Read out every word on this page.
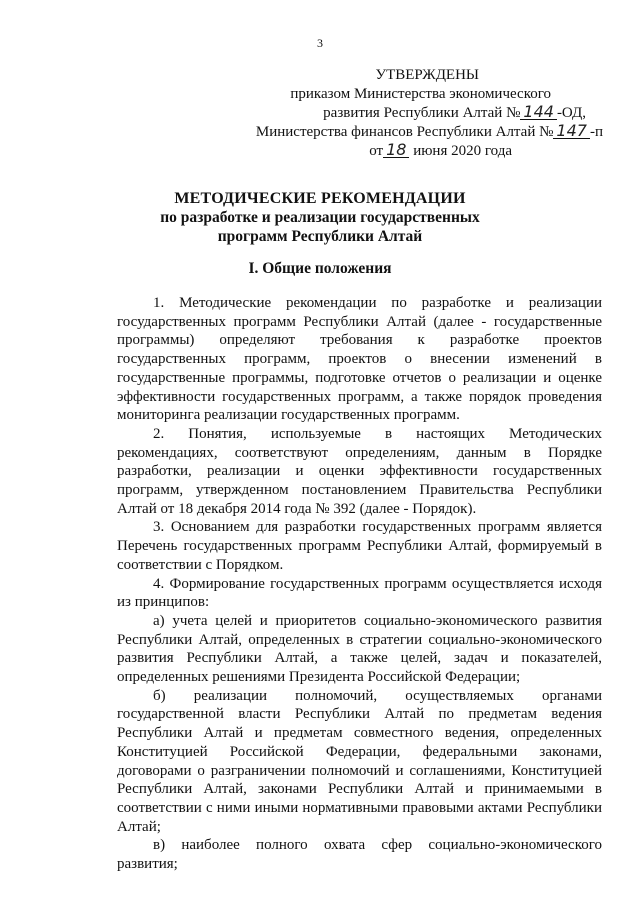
3
УТВЕРЖДЕНЫ
приказом Министерства экономического
развития Республики Алтай № 144 -ОД,
Министерства финансов Республики Алтай № 147 -п
от 18 июня 2020 года
МЕТОДИЧЕСКИЕ РЕКОМЕНДАЦИИ
по разработке и реализации государственных
программ Республики Алтай
I. Общие положения

1. Методические рекомендации по разработке и реализации государственных программ Республики Алтай (далее - государственные программы) определяют требования к разработке проектов государственных программ, проектов о внесении изменений в государственные программы, подготовке отчетов о реализации и оценке эффективности государственных программ, а также порядок проведения мониторинга реализации государственных программ.

2. Понятия, используемые в настоящих Методических рекомендациях, соответствуют определениям, данным в Порядке разработки, реализации и оценки эффективности государственных программ, утвержденном постановлением Правительства Республики Алтай от 18 декабря 2014 года № 392 (далее - Порядок).

3. Основанием для разработки государственных программ является Перечень государственных программ Республики Алтай, формируемый в соответствии с Порядком.

4. Формирование государственных программ осуществляется исходя из принципов:

а) учета целей и приоритетов социально-экономического развития Республики Алтай, определенных в стратегии социально-экономического развития Республики Алтай, а также целей, задач и показателей, определенных решениями Президента Российской Федерации;

б) реализации полномочий, осуществляемых органами государственной власти Республики Алтай по предметам ведения Республики Алтай и предметам совместного ведения, определенных Конституцией Российской Федерации, федеральными законами, договорами о разграничении полномочий и соглашениями, Конституцией Республики Алтай, законами Республики Алтай и принимаемыми в соответствии с ними иными нормативными правовыми актами Республики Алтай;

в) наиболее полного охвата сфер социально-экономического развития;
